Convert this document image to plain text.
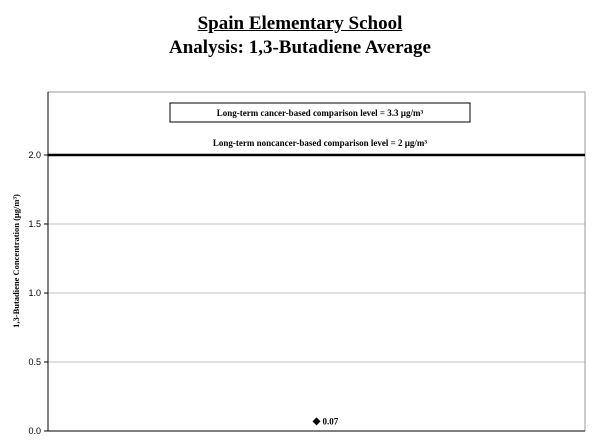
Spain Elementary School
Analysis: 1,3-Butadiene Average
0.0
0.5
1.0
1.5
2.0
Long-term cancer-based comparison level = 3.3 µg/m³
Long-term noncancer-based comparison level = 2 µg/m³
0.07
1,3-Butadiene Concentration (µg/m³)
